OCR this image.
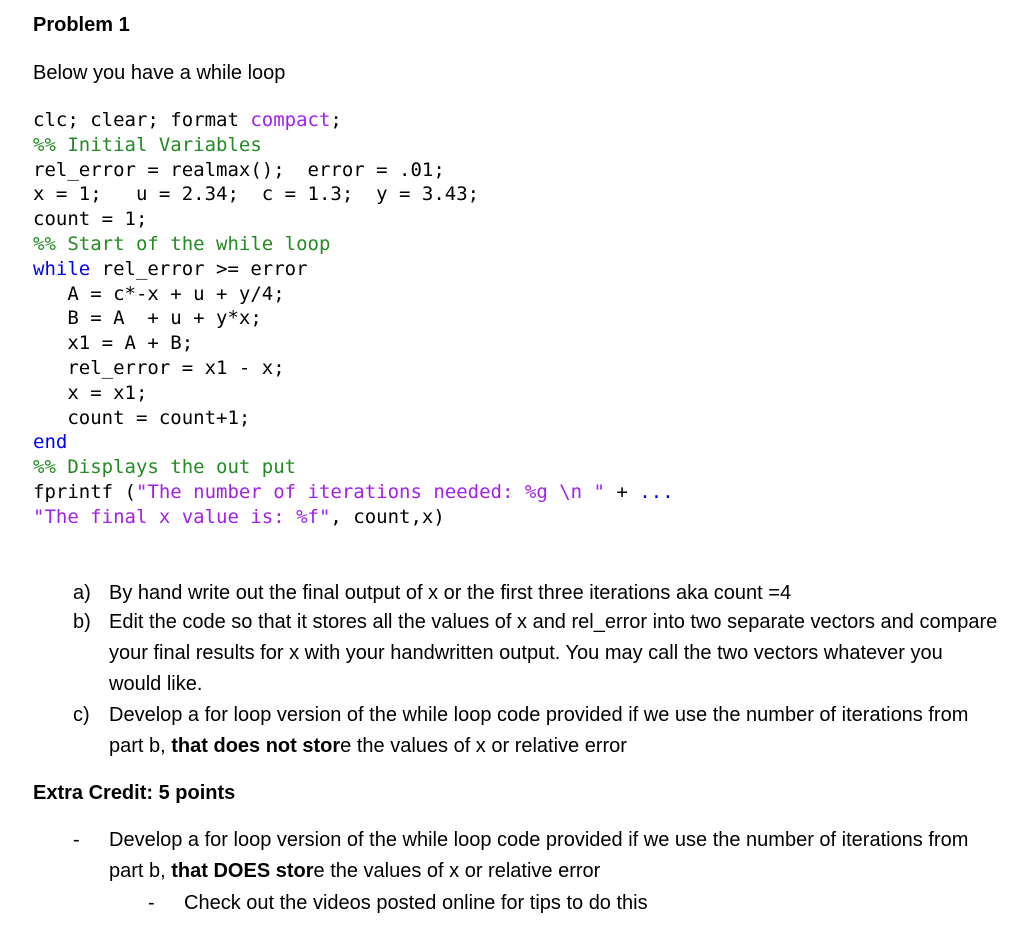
Problem 1
Below you have a while loop
clc; clear; format compact;
%% Initial Variables
rel_error = realmax();  error = .01;
x = 1;   u = 2.34;  c = 1.3;  y = 3.43;
count = 1;
%% Start of the while loop
while rel_error >= error
A = c*-x + u + y/4;
B = A  + u + y*x;
x1 = A + B;
rel_error = x1 - x;
x = x1;
count = count+1;
end
%% Displays the out put
fprintf ("The number of iterations needed: %g \n " + ...
"The final x value is: %f", count,x)
a) By hand write out the final output of x or the first three iterations aka count =4
b) Edit the code so that it stores all the values of x and rel_error into two separate vectors and compare your final results for x with your handwritten output. You may call the two vectors whatever you would like.
c) Develop a for loop version of the while loop code provided if we use the number of iterations from part b, that does not store the values of x or relative error
Extra Credit: 5 points
- Develop a for loop version of the while loop code provided if we use the number of iterations from part b, that DOES store the values of x or relative error
- Check out the videos posted online for tips to do this
